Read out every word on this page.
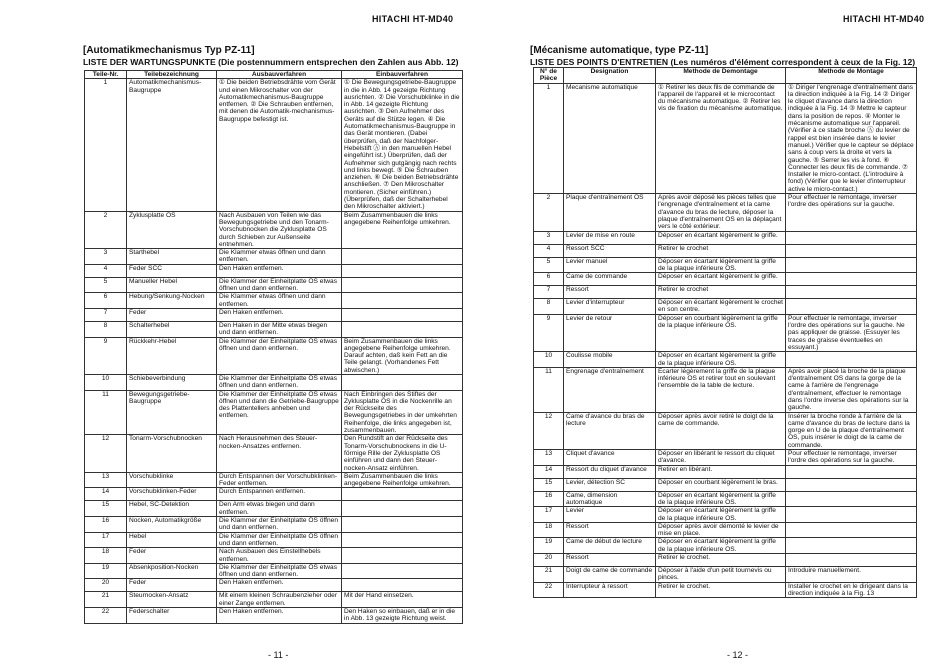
HITACHI HT-MD40
[Automatikmechanismus Typ PZ-11]
LISTE DER WARTUNGSPUNKTE (Die postennummern entsprechen den Zahlen aus Abb. 12)
Teile-Nr.	Teilebezeichnung	Ausbauverfahren	Einbauverfahren
1	Automatikmechanismus-Baugruppe	① Die beiden Betriebsdrähte vom Gerät und einen Mikroschalter von der Automatikmechanismus-Baugruppe entfernen. ② Die Schrauben entfernen, mit denen die Automatik-mechanismus-Baugruppe befestigt ist.	① Die Bewegungsgetriebe-Baugruppe in die in Abb. 14 gezeigte Richtung ausrichten. ② Die Vorschubklinke in die in Abb. 14 gezeigte Richtung ausrichten. ③ Den Aufnehmer des Geräts auf die Stütze legen. ④ Die Automatikmechanismus-Baugruppe in das Gerät montieren. (Dabei überprüfen, daß der Nachfolger-Hebelstift Ⓐ in den manuellen Hebel eingeführt ist.) Überprüfen, daß der Aufnehmer sich gutgängig nach rechts und links bewegt. ⑤ Die Schrauben anziehen. ⑥ Die beiden Betriebsdrähte anschließen. ⑦ Den Mikroschalter montieren. (Sicher einführen.) (Überprüfen, daß der Schalterhebel den Mikroschalter aktiviert.)
2	Zyklusplatte OS	Nach Ausbauen von Teilen wie das Bewegungsgetriebe und den Tonarm-Vorschubnocken die Zyklusplatte OS durch Schieben zur Außenseite entnehmen.	Beim Zusammenbauen die links angegebene Reihenfolge umkehren.
3	Starthebel	Die Klammer etwas öffnen und dann entfernen.	
4	Feder SCC	Den Haken entfernen.	
5	Manueller Hebel	Die Klammer der Einheitplatte OS etwas öffnen und dann entfernen.	
6	Hebung/Senkung-Nocken	Die Klammer etwas öffnen und dann entfernen.	
7	Feder	Den Haken entfernen.	
8	Schalterhebel	Den Haken in der Mitte etwas biegen und dann entfernen.	
9	Rückkehr-Hebel	Die Klammer der Einheitplatte OS etwas öffnen und dann entfernen.	Beim Zusammenbauen die links angegebene Reihenfolge umkehren. Darauf achten, daß kein Fett an die Teile gelangt. (Vorhandenes Fett abwischen.)
10	Schiebeverbindung	Die Klammer der Einheitplatte OS etwas öffnen und dann entfernen.	
11	Bewegungsgetriebe-Baugruppe	Die Klammer der Einheitplatte OS etwas öffnen und dann die Getriebe-Baugruppe des Plattentellers anheben und entfernen.	Nach Einbringen des Stiftes der Zyklusplatte OS in die Nockenrille an der Rückseite des Bewegungsgetriebes in der umkehrten Reihenfolge, die links angegeben ist, zusammenbauen.
12	Tonarm-Vorschubnocken	Nach Herausnehmen des Steuer-nocken-Ansatzes entfernen.	Den Rundstift an der Rückseite des Tonarm-Vorschubnockens in die U-förmige Rille der Zyklusplatte OS einführen und dann den Steuer-nocken-Ansatz einführen.
13	Vorschubklinke	Durch Entspannen der Vorschubklinken-Feder entfernen.	Beim Zusammenbauen die links angegebene Reihenfolge umkehren.
14	Vorschubklinken-Feder	Durch Entspannen entfernen.	
15	Hebel, SC-Detektion	Den Arm etwas biegen und dann entfernen.	
16	Nocken, Automatikgröße	Die Klammer der Einheitplatte OS öffnen und dann entfernen.	
17	Hebel	Die Klammer der Einheitplatte OS öffnen und dann entfernen.	
18	Feder	Nach Ausbauen des Einstellhebels entfernen.	
19	Absenkposition-Nocken	Die Klammer der Einheitplatte OS etwas öffnen und dann entfernen.	
20	Feder	Den Haken entfernen.	
21	Steurnocken-Ansatz	Mit einem kleinen Schraubenzieher oder einer Zange entfernen.	Mit der Hand einsetzen.
22	Federschalter	Den Haken entfernen.	Den Haken so einbauen, daß er in die in Abb. 13 gezeigte Richtung weist.
- 11 -
HITACHI HT-MD40
[Mécanisme automatique, type PZ-11]
LISTE DES POINTS D'ENTRETIEN (Les numéros d'élément correspondent à ceux de la Fig. 12)
N° de Pièce	Designation	Methode de Demontage	Methode de Montage
1	Mecanisme automatique	① Retirer les deux fils de commande de l'appareil de l'appareil et le microcontact du mécanisme automatique. ② Retirer les vis de fixation du mécanisme automatique.	① Diriger l'engrenage d'entraînement dans la direction indiquée à la Fig. 14 ② Diriger le cliquet d'avance dans la direction indiquée à la Fig. 14 ③ Mettre le capteur dans la position de repos. ④ Monter le mécanisme automatique sur l'appareil. (Vérifier à ce stade broche Ⓐ du levier de rappel est bien insérée dans le levier manuel.) Vérifier que le capteur se déplace sans à coup vers la droite et vers la gauche. ⑤ Serrer les vis à fond. ⑥ Connecter les deux fils de commande. ⑦ Installer le micro-contact. (L'introduire à fond) (Vérifier que le levier d'interrupteur active le micro-contact.)
2	Plaque d'entraînement OS	Après avoir déposé les pièces telles que l'engrenage d'entraînement et la came d'avance du bras de lecture, déposer la plaque d'entraînement OS en la déplaçant vers le côté extérieur.	Pour effectuer le remontage, inverser l'ordre des opérations sur la gauche.
3	Levier de mise en route	Déposer en écartant légèrement le griffe.	
4	Ressort SCC	Retirer le crochet	
5	Levier manuel	Déposer en écartant légèrement la griffe de la plaque inférieure OS.	
6	Came de commande	Déposer en écartant légèrement le griffe.	
7	Ressort	Retirer le crochet	
8	Levier d'interrupteur	Déposer en écartant légèrement le crochet en son centre.	
9	Levier de retour	Déposer en courbant légèrement la griffe de la plaque inférieure OS.	Pour effectuer le remontage, inverser l'ordre des opérations sur la gauche. Ne pas appliquer de graisse. (Essuyer les traces de graisse éventuelles en essuyant.)
10	Coulisse mobile	Déposer en écartant légèrement la griffe de la plaque inférieure OS.	
11	Engrenage d'entraînement	Ecarter légèrement la griffe de la plaque inférieure OS et retirer tout en soulevant l'ensemble de la table de lecture.	Après avoir placé la broche de la plaque d'entraînement OS dans la gorge de la came à l'arrière de l'engrenage d'entraînement, effectuer le remontage dans l'ordre inverse des opérations sur la gauche.
12	Came d'avance du bras de lecture	Déposer après avoir retiré le doigt de la came de commande.	Insérer la broche ronde à l'arrière de la came d'avance du bras de lecture dans la gorge en U de la plaque d'entraînement OS, puis insérer le doigt de la came de commande.
13	Cliquet d'avance	Déposer en libérant le ressort du cliquet d'avance.	Pour effectuer le remontage, inverser l'ordre des opérations sur la gauche.
14	Ressort du cliquet d'avance	Retirer en libérant.	
15	Levier, détection SC	Déposer en courbant légèrement le bras.	
16	Came, dimension automatique	Déposer en écartant légèrement la griffe de la plaque inférieure OS.	
17	Levier	Déposer en écartant légèrement la griffe de la plaque inférieure OS.	
18	Ressort	Déposer après avoir démonté le levier de mise en place.	
19	Came de début de lecture	Déposer en écartant légèrement la griffe de la plaque inférieure OS.	
20	Ressort	Retirer le crochet.	
21	Doigt de came de commande	Déposer à l'aide d'un petit tournevis ou pinces.	Introduire manuellement.
22	Interrupteur à ressort	Retirer le crochet.	Installer le crochet en le dirigeant dans la direction indiquée à la Fig. 13
- 12 -
